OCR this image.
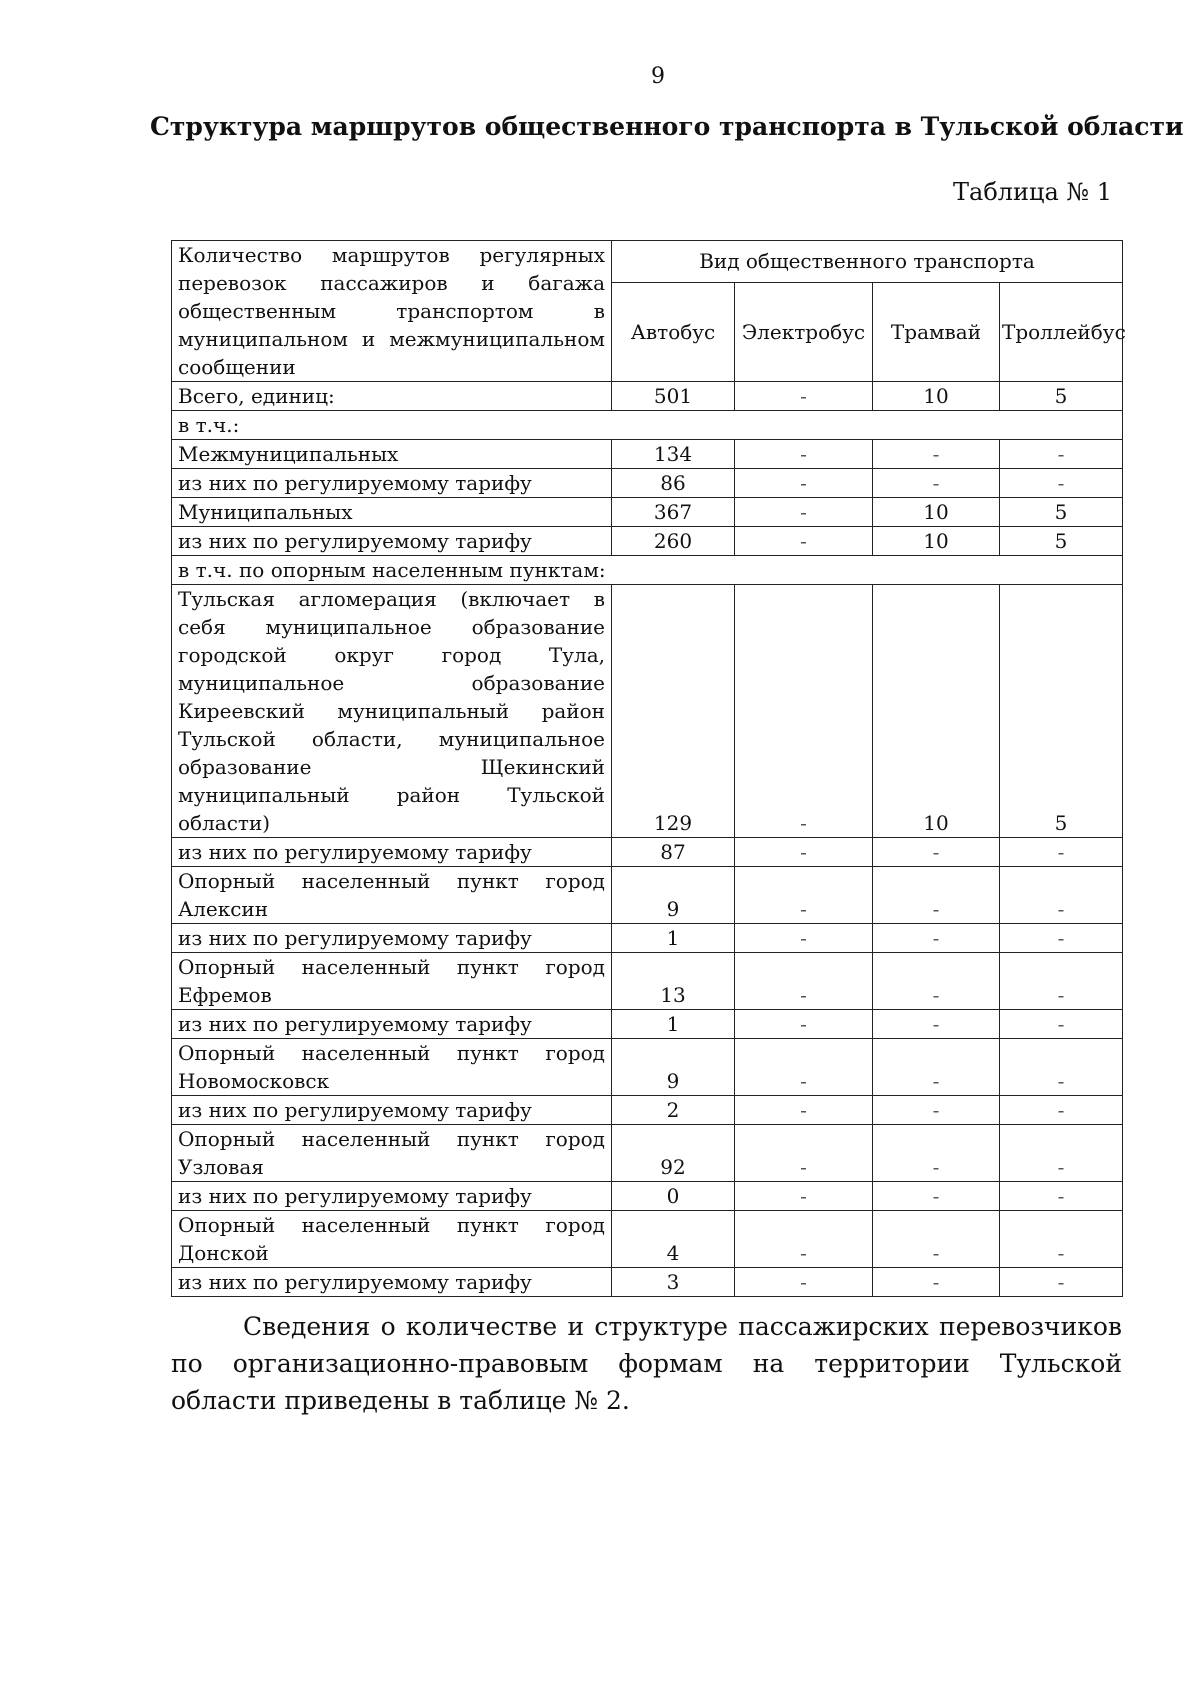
9
Структура маршрутов общественного транспорта в Тульской области
Таблица № 1
Количество маршрутов регулярных перевозок пассажиров и багажа общественным транспортом в муниципальном и межмуниципальном сообщении	Вид общественного транспорта			
	Автобус	Электробус	Трамвай	Троллейбус
Всего, единиц:	501	-	10	5
в т.ч.:				
Межмуниципальных	134	-	-	-
из них по регулируемому тарифу	86	-	-	-
Муниципальных	367	-	10	5
из них по регулируемому тарифу	260	-	10	5
в т.ч. по опорным населенным пунктам:				
Тульская агломерация (включает в себя муниципальное образование городской округ город Тула, муниципальное образование Киреевский муниципальный район Тульской области, муниципальное образование Щекинский муниципальный район Тульской области)	129	-	10	5
из них по регулируемому тарифу	87	-	-	-
Опорный населенный пункт город Алексин	9	-	-	-
из них по регулируемому тарифу	1	-	-	-
Опорный населенный пункт город Ефремов	13	-	-	-
из них по регулируемому тарифу	1	-	-	-
Опорный населенный пункт город Новомосковск	9	-	-	-
из них по регулируемому тарифу	2	-	-	-
Опорный населенный пункт город Узловая	92	-	-	-
из них по регулируемому тарифу	0	-	-	-
Опорный населенный пункт город Донской	4	-	-	-
из них по регулируемому тарифу	3	-	-	-
Сведения о количестве и структуре пассажирских перевозчиков по организационно-правовым формам на территории Тульской области приведены в таблице № 2.
